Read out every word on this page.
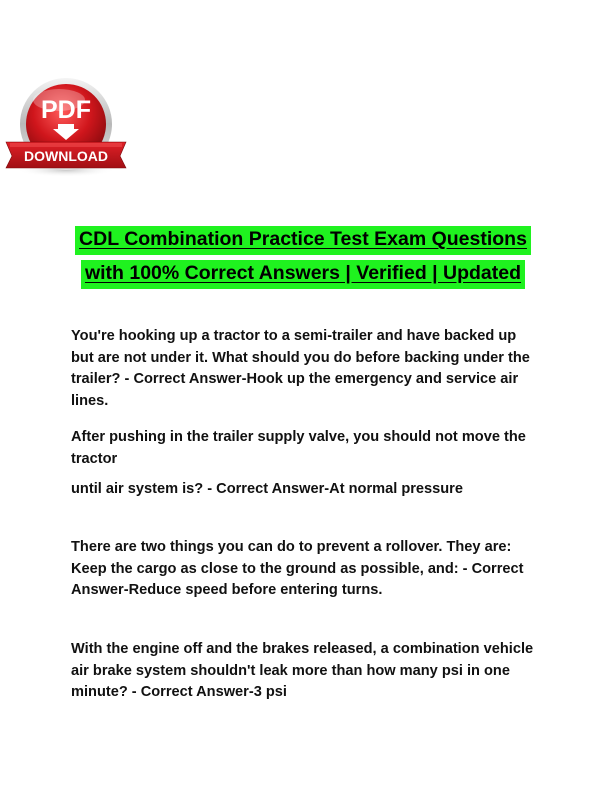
PDF
DOWNLOAD
CDL Combination Practice Test Exam Questions
with 100% Correct Answers | Verified | Updated

You're hooking up a tractor to a semi-trailer and have backed up but are not under it. What should you do before backing under the trailer? - Correct Answer-Hook up the emergency and service air lines.

After pushing in the trailer supply valve, you should not move the tractor

until air system is? - Correct Answer-At normal pressure

There are two things you can do to prevent a rollover. They are: Keep the cargo as close to the ground as possible, and: - Correct Answer-Reduce speed before entering turns.

With the engine off and the brakes released, a combination vehicle air brake system shouldn't leak more than how many psi in one minute? - Correct Answer-3 psi
